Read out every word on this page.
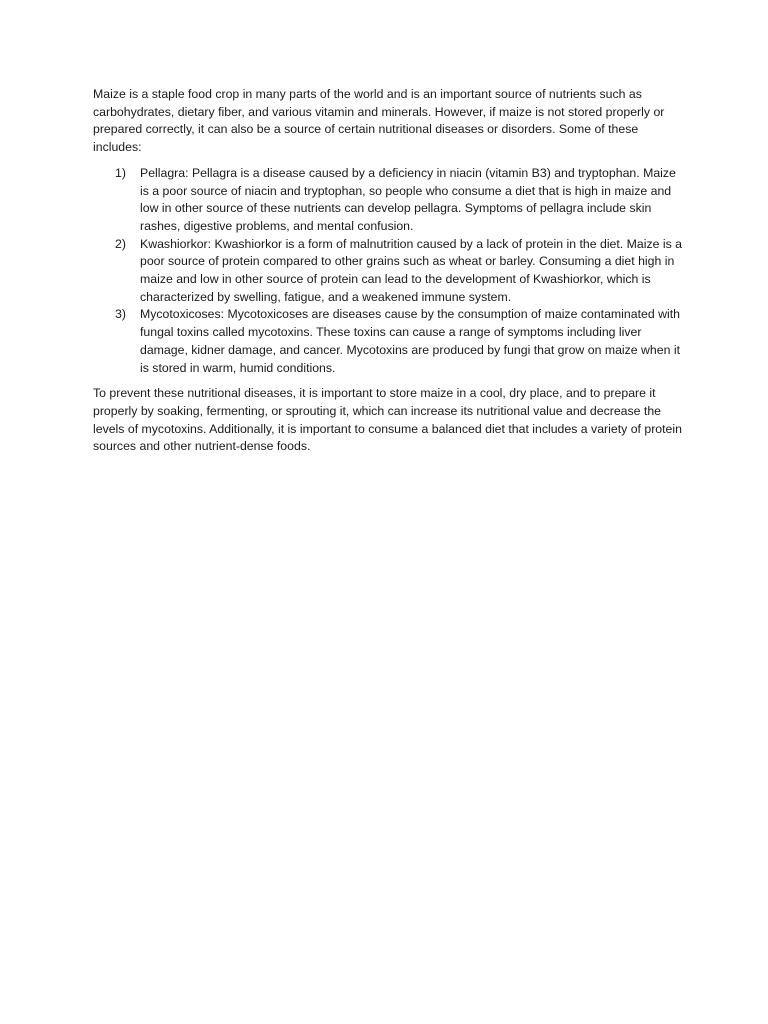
Maize is a staple food crop in many parts of the world and is an important source of nutrients such as carbohydrates, dietary fiber, and various vitamin and minerals. However, if maize is not stored properly or prepared correctly, it can also be a source of certain nutritional diseases or disorders. Some of these includes:

1) Pellagra: Pellagra is a disease caused by a deficiency in niacin (vitamin B3) and tryptophan. Maize is a poor source of niacin and tryptophan, so people who consume a diet that is high in maize and low in other source of these nutrients can develop pellagra. Symptoms of pellagra include skin rashes, digestive problems, and mental confusion.
2) Kwashiorkor: Kwashiorkor is a form of malnutrition caused by a lack of protein in the diet. Maize is a poor source of protein compared to other grains such as wheat or barley. Consuming a diet high in maize and low in other source of protein can lead to the development of Kwashiorkor, which is characterized by swelling, fatigue, and a weakened immune system.
3) Mycotoxicoses: Mycotoxicoses are diseases cause by the consumption of maize contaminated with fungal toxins called mycotoxins. These toxins can cause a range of symptoms including liver damage, kidner damage, and cancer. Mycotoxins are produced by fungi that grow on maize when it is stored in warm, humid conditions.

To prevent these nutritional diseases, it is important to store maize in a cool, dry place, and to prepare it properly by soaking, fermenting, or sprouting it, which can increase its nutritional value and decrease the levels of mycotoxins. Additionally, it is important to consume a balanced diet that includes a variety of protein sources and other nutrient-dense foods.
